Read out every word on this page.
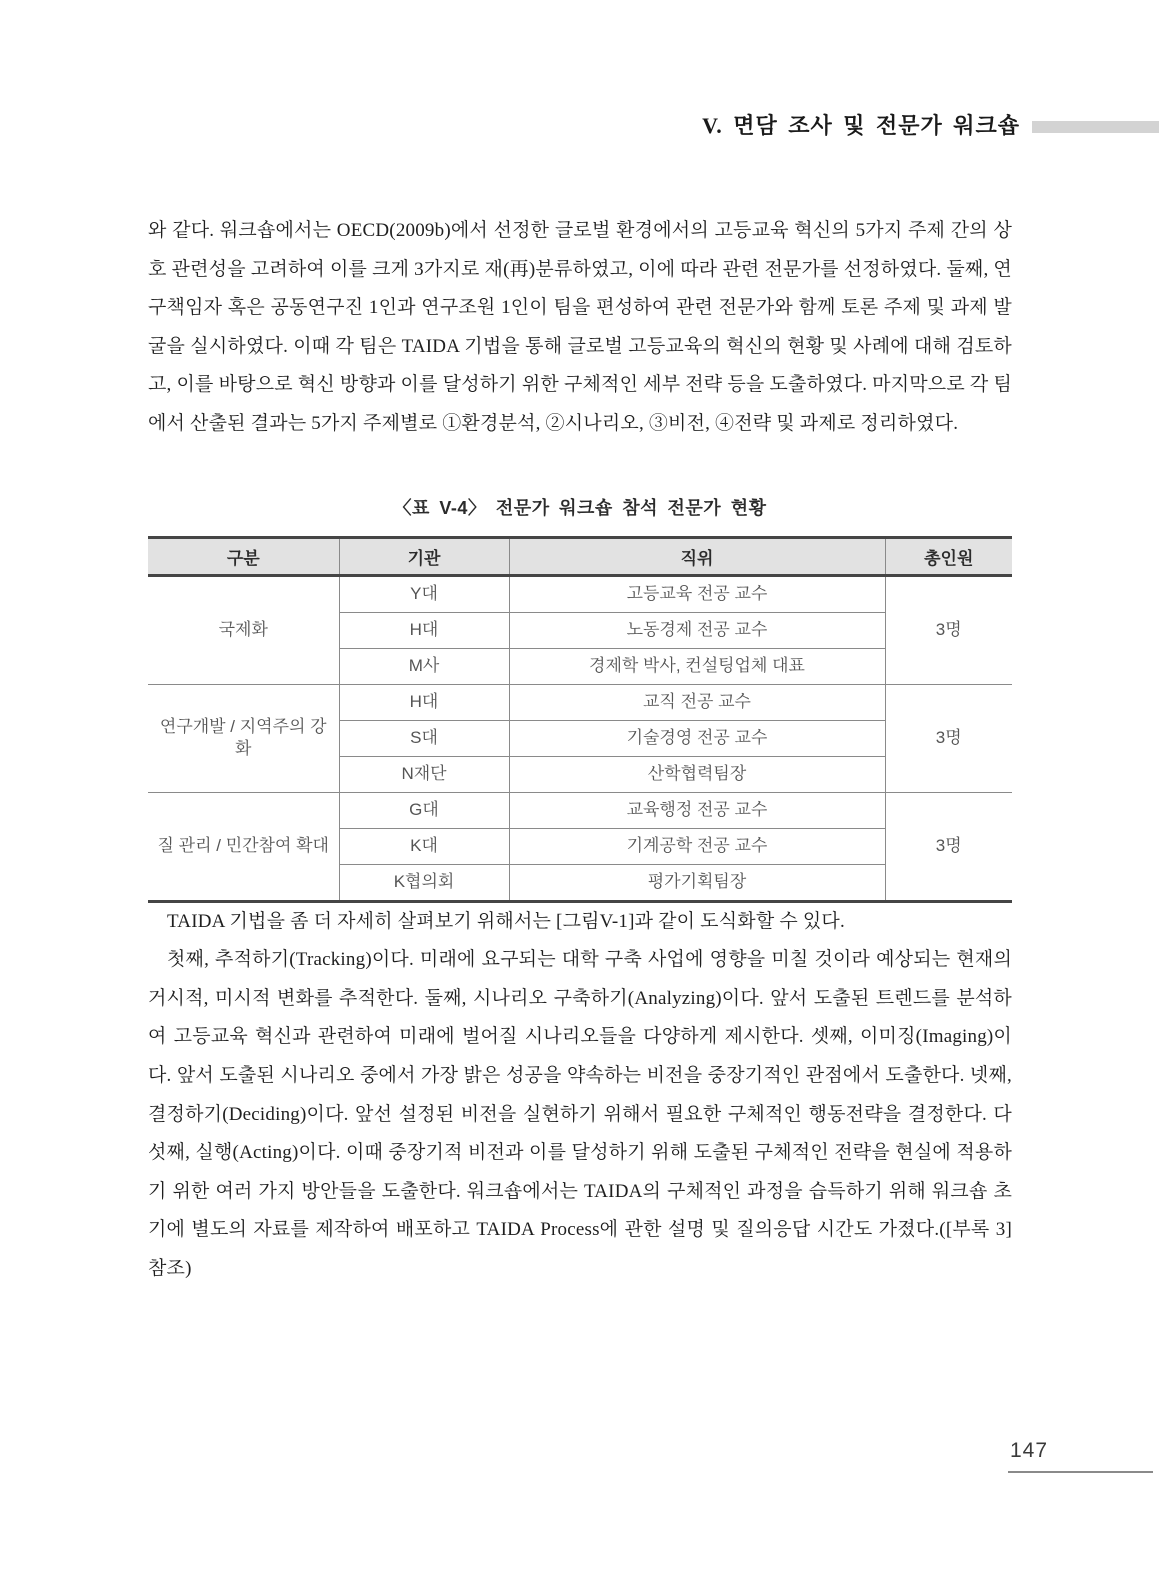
V. 면담 조사 및 전문가 워크숍

와 같다. 워크숍에서는 OECD(2009b)에서 선정한 글로벌 환경에서의 고등교육 혁신의 5가지 주제 간의 상호 관련성을 고려하여 이를 크게 3가지로 재(再)분류하였고, 이에 따라 관련 전문가를 선정하였다. 둘째, 연구책임자 혹은 공동연구진 1인과 연구조원 1인이 팀을 편성하여 관련 전문가와 함께 토론 주제 및 과제 발굴을 실시하였다. 이때 각 팀은 TAIDA 기법을 통해 글로벌 고등교육의 혁신의 현황 및 사례에 대해 검토하고, 이를 바탕으로 혁신 방향과 이를 달성하기 위한 구체적인 세부 전략 등을 도출하였다. 마지막으로 각 팀에서 산출된 결과는 5가지 주제별로 ①환경분석, ②시나리오, ③비전, ④전략 및 과제로 정리하였다.

〈표 V-4〉 전문가 워크숍 참석 전문가 현황
구분	기관	직위	총인원
국제화	Y대	고등교육 전공 교수	3명
	H대	노동경제 전공 교수	
	M사	경제학 박사, 컨설팅업체 대표	
연구개발 / 지역주의 강화	H대	교직 전공 교수	3명
	S대	기술경영 전공 교수	
	N재단	산학협력팀장	
질 관리 / 민간참여 확대	G대	교육행정 전공 교수	3명
	K대	기계공학 전공 교수	
	K협의회	평가기획팀장	

TAIDA 기법을 좀 더 자세히 살펴보기 위해서는 [그림V-1]과 같이 도식화할 수 있다.

첫째, 추적하기(Tracking)이다. 미래에 요구되는 대학 구축 사업에 영향을 미칠 것이라 예상되는 현재의 거시적, 미시적 변화를 추적한다. 둘째, 시나리오 구축하기(Analyzing)이다. 앞서 도출된 트렌드를 분석하여 고등교육 혁신과 관련하여 미래에 벌어질 시나리오들을 다양하게 제시한다. 셋째, 이미징(Imaging)이다. 앞서 도출된 시나리오 중에서 가장 밝은 성공을 약속하는 비전을 중장기적인 관점에서 도출한다. 넷째, 결정하기(Deciding)이다. 앞선 설정된 비전을 실현하기 위해서 필요한 구체적인 행동전략을 결정한다. 다섯째, 실행(Acting)이다. 이때 중장기적 비전과 이를 달성하기 위해 도출된 구체적인 전략을 현실에 적용하기 위한 여러 가지 방안들을 도출한다. 워크숍에서는 TAIDA의 구체적인 과정을 습득하기 위해 워크숍 초기에 별도의 자료를 제작하여 배포하고 TAIDA Process에 관한 설명 및 질의응답 시간도 가졌다.([부록 3]참조)

147
